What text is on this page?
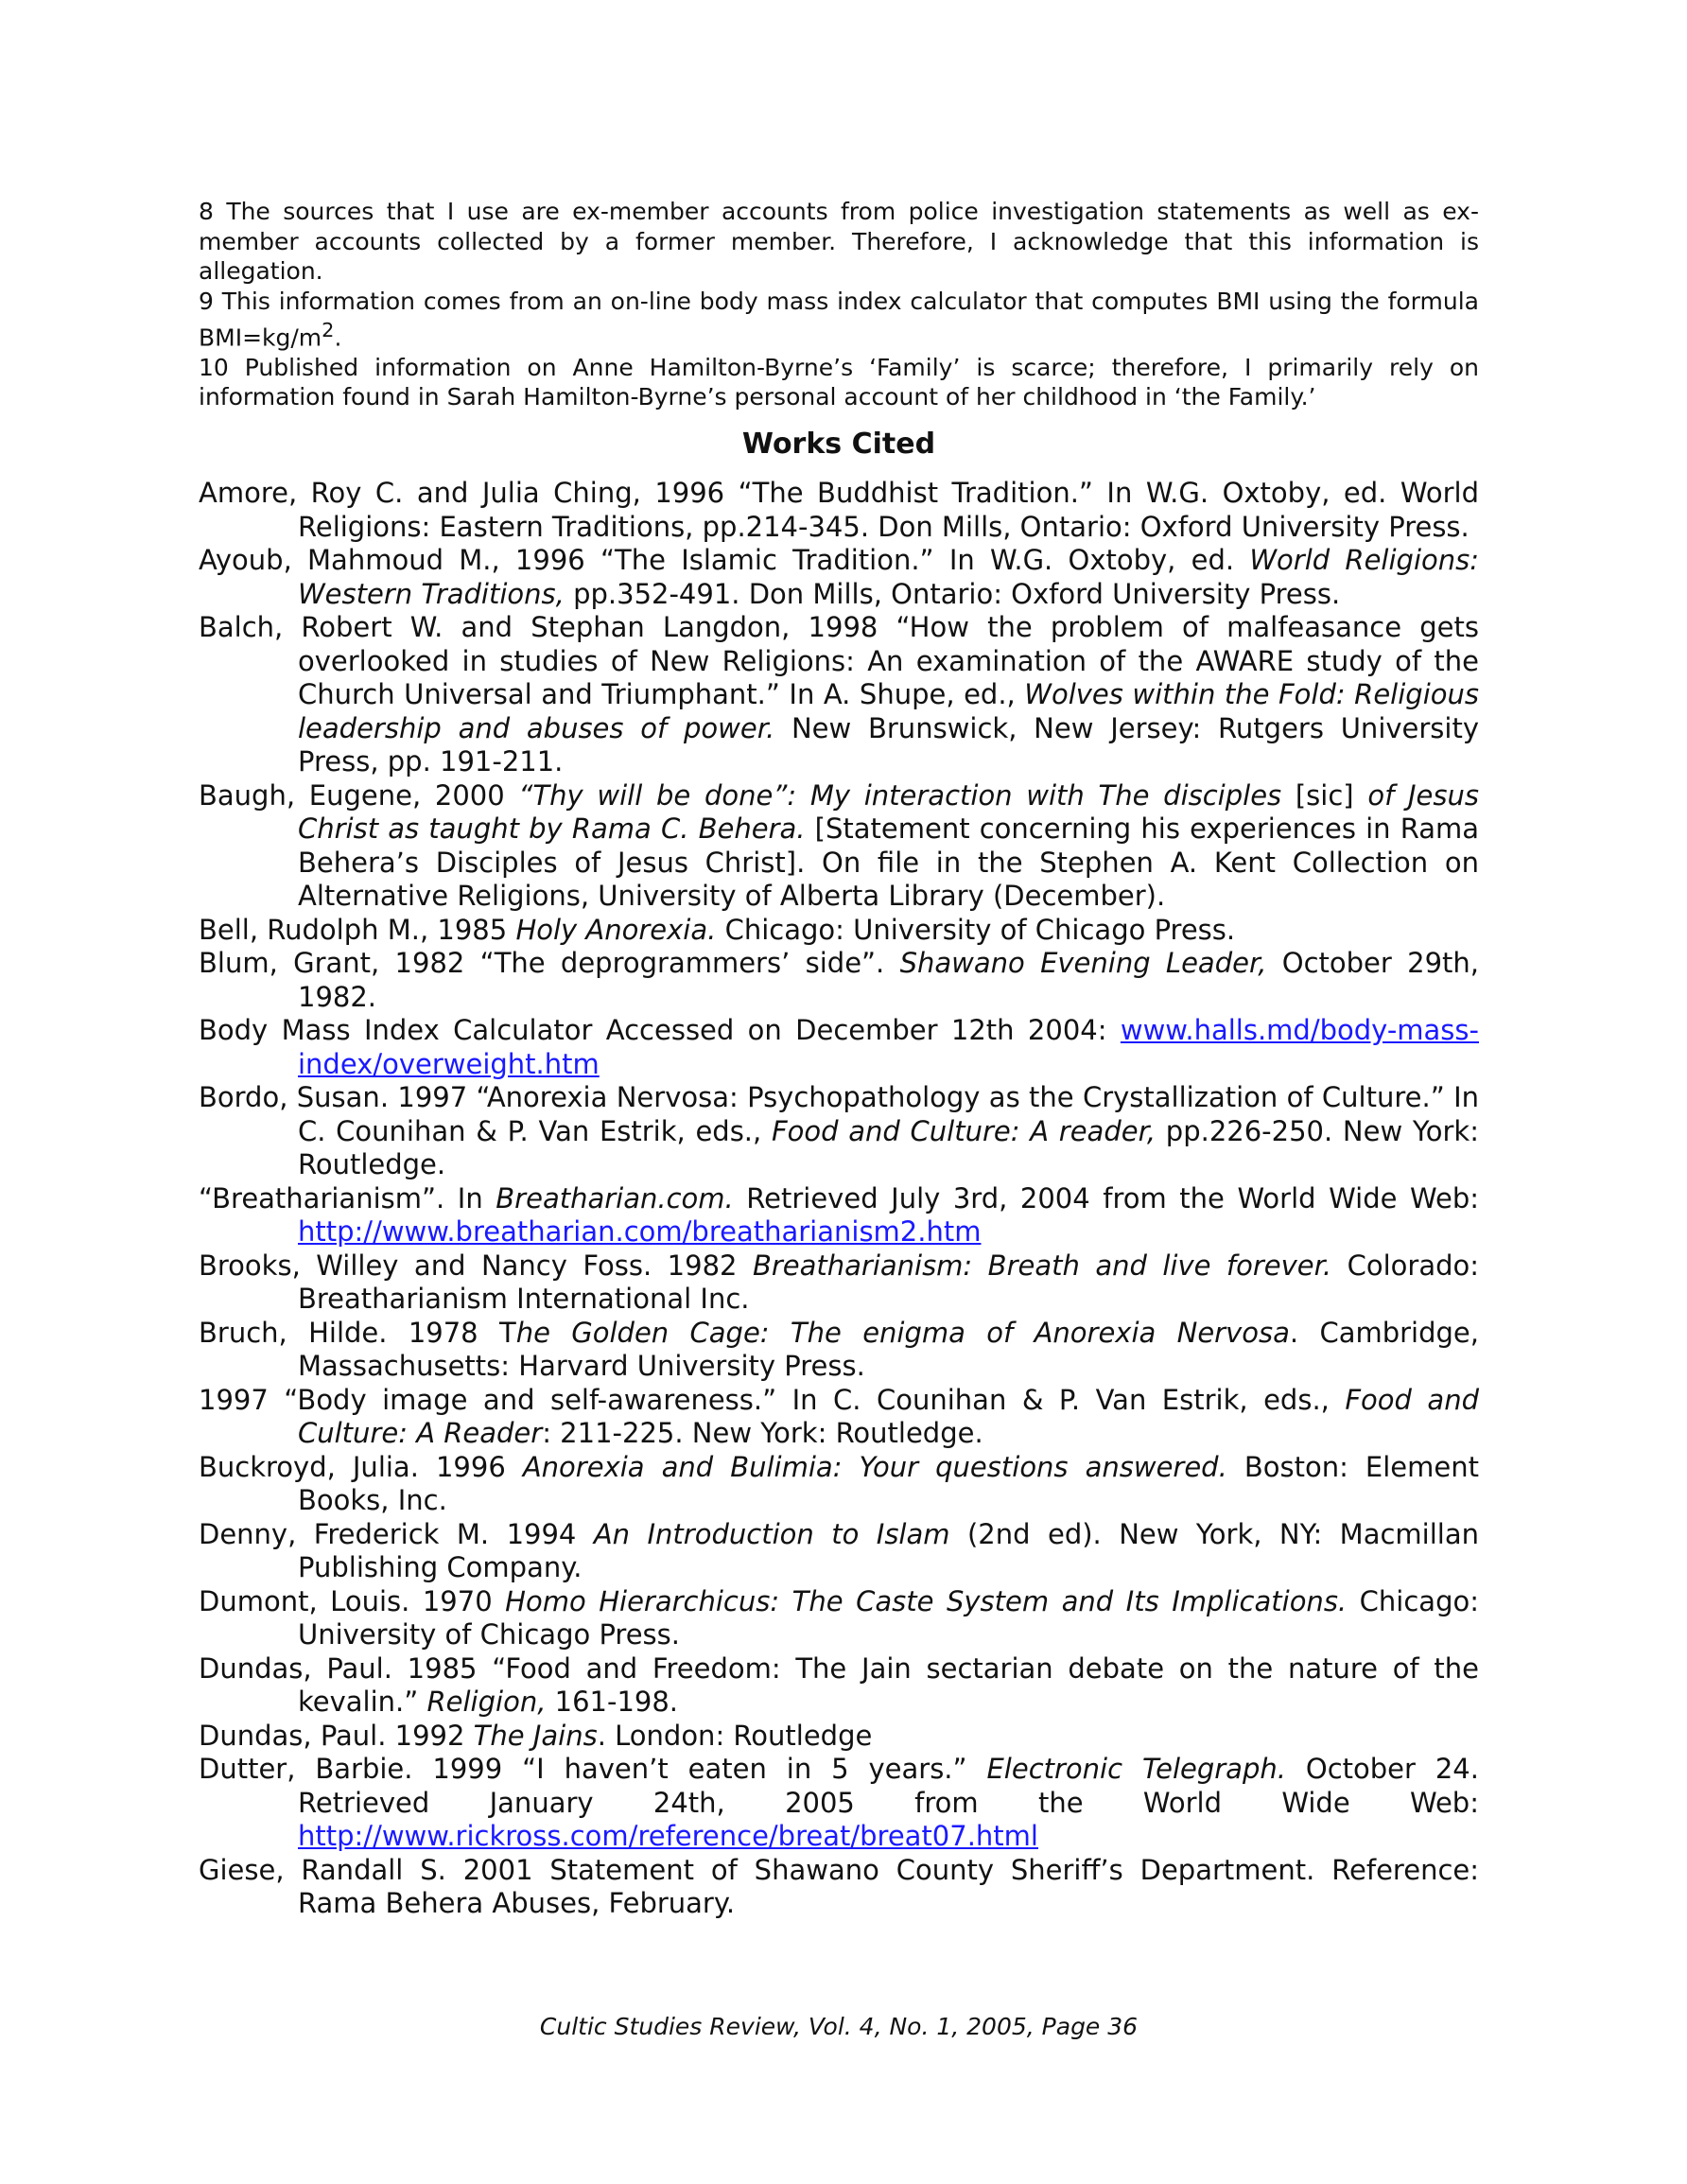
8 The sources that I use are ex-member accounts from police investigation statements as well as ex-member accounts collected by a former member. Therefore, I acknowledge that this information is allegation.

9 This information comes from an on-line body mass index calculator that computes BMI using the formula $BMI=kg/m^2$.

10 Published information on Anne Hamilton-Byrne’s ‘Family’ is scarce; therefore, I primarily rely on information found in Sarah Hamilton-Byrne’s personal account of her childhood in ‘the Family.’

Works Cited

Amore, Roy C. and Julia Ching, 1996 “The Buddhist Tradition.” In W.G. Oxtoby, ed. World Religions: Eastern Traditions, pp.214-345. Don Mills, Ontario: Oxford University Press.

Ayoub, Mahmoud M., 1996 “The Islamic Tradition.” In W.G. Oxtoby, ed. World Religions: Western Traditions, pp.352-491. Don Mills, Ontario: Oxford University Press.

Balch, Robert W. and Stephan Langdon, 1998 “How the problem of malfeasance gets overlooked in studies of New Religions: An examination of the AWARE study of the Church Universal and Triumphant.” In A. Shupe, ed., Wolves within the Fold: Religious leadership and abuses of power. New Brunswick, New Jersey: Rutgers University Press, pp. 191-211.

Baugh, Eugene, 2000 “Thy will be done”: My interaction with The disciples [sic] of Jesus Christ as taught by Rama C. Behera. [Statement concerning his experiences in Rama Behera’s Disciples of Jesus Christ]. On file in the Stephen A. Kent Collection on Alternative Religions, University of Alberta Library (December).

Bell, Rudolph M., 1985 Holy Anorexia. Chicago: University of Chicago Press.

Blum, Grant, 1982 “The deprogrammers’ side”. Shawano Evening Leader, October 29th, 1982.

Body Mass Index Calculator Accessed on December 12th 2004: www.halls.md/body-mass-index/overweight.htm

Bordo, Susan. 1997 “Anorexia Nervosa: Psychopathology as the Crystallization of Culture.” In C. Counihan & P. Van Estrik, eds., Food and Culture: A reader, pp.226-250. New York: Routledge.

“Breatharianism”. In Breatharian.com. Retrieved July 3rd, 2004 from the World Wide Web: http://www.breatharian.com/breatharianism2.htm

Brooks, Willey and Nancy Foss. 1982 Breatharianism: Breath and live forever. Colorado: Breatharianism International Inc.

Bruch, Hilde. 1978 The Golden Cage: The enigma of Anorexia Nervosa. Cambridge, Massachusetts: Harvard University Press.

1997 “Body image and self-awareness.” In C. Counihan & P. Van Estrik, eds., Food and Culture: A Reader: 211-225. New York: Routledge.

Buckroyd, Julia. 1996 Anorexia and Bulimia: Your questions answered. Boston: Element Books, Inc.

Denny, Frederick M. 1994 An Introduction to Islam (2nd ed). New York, NY: Macmillan Publishing Company.

Dumont, Louis. 1970 Homo Hierarchicus: The Caste System and Its Implications. Chicago: University of Chicago Press.

Dundas, Paul. 1985 “Food and Freedom: The Jain sectarian debate on the nature of the kevalin.” Religion, 161-198.

Dundas, Paul. 1992 The Jains. London: Routledge

Dutter, Barbie. 1999 “I haven’t eaten in 5 years.” Electronic Telegraph. October 24. Retrieved January 24th, 2005 from the World Wide Web: http://www.rickross.com/reference/breat/breat07.html

Giese, Randall S. 2001 Statement of Shawano County Sheriff’s Department. Reference: Rama Behera Abuses, February.

Cultic Studies Review, Vol. 4, No. 1, 2005, Page 36
